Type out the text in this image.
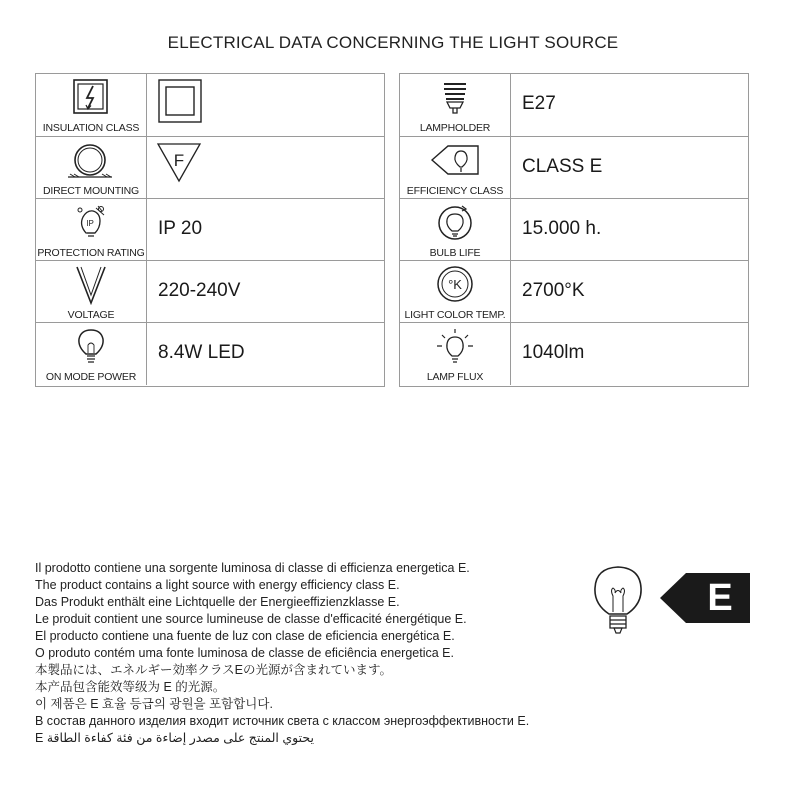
ELECTRICAL DATA CONCERNING THE LIGHT SOURCE
INSULATION CLASS
DIRECT MOUNTING
F
IP
PROTECTION RATING
IP 20
VOLTAGE
220-240V
ON MODE POWER
8.4W LED
LAMPHOLDER
E27
EFFICIENCY CLASS
CLASS E
BULB LIFE
15.000 h.
°K
LIGHT COLOR TEMP.
2700°K
LAMP FLUX
1040lm
Il prodotto contiene una sorgente luminosa di classe di efficienza energetica E.
The product contains a light source with energy efficiency class E.
Das Produkt enthält eine Lichtquelle der Energieeffizienzklasse E.
Le produit contient une source lumineuse de classe d'efficacité énergétique E.
El producto contiene una fuente de luz con clase de eficiencia energética E.
O produto contém uma fonte luminosa de classe de eficiência energetica E.
本製品には、エネルギー効率クラスEの光源が含まれています。
本产品包含能效等级为 E 的光源。
이 제품은 E 효율 등급의 광원을 포함합니다.
В состав данного изделия входит источник света с классом энергоэффективности E.
يحتوي المنتج على مصدر إضاءة من فئة كفاءة الطاقة E
E
